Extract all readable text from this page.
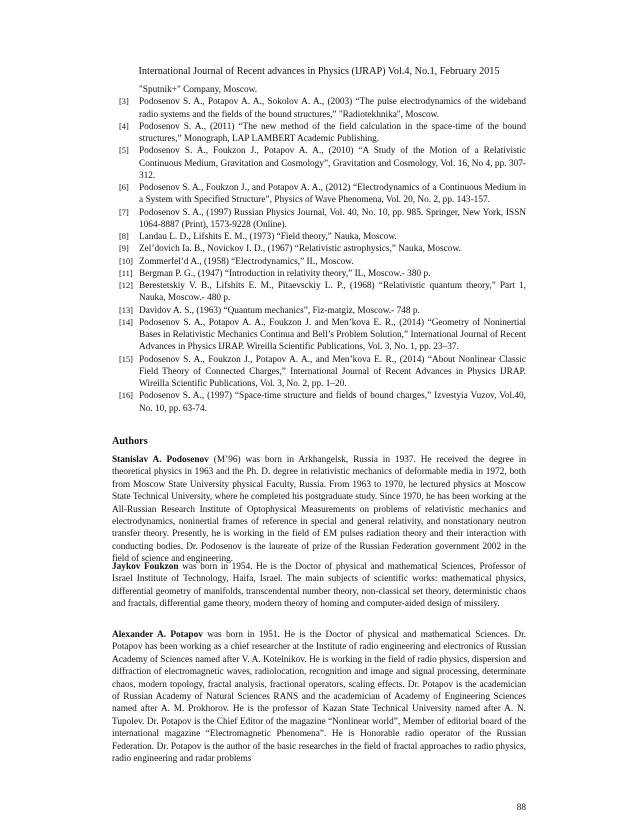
International Journal of Recent advances in Physics (IJRAP) Vol.4, No.1, February 2015

"Sputnik+" Company, Moscow.

[3] Podosenov S. A., Potapov A. A., Sokolov A. A., (2003) “The pulse electrodynamics of the wideband radio systems and the fields of the bound structures,” "Radiotekhnika", Moscow.

[4] Podosenov S. A., (2011) “The new method of the field calculation in the space-time of the bound structures,” Monograph, LAP LAMBERT Academic Publishing.

[5] Podosenov S. A., Foukzon J., Potapov A. A., (2010) “A Study of the Motion of a Relativistic Continuous Medium, Gravitation and Cosmology”, Gravitation and Cosmology, Vol. 16, No 4, pp. 307-312.

[6] Podosenov S. A., Foukzon J., and Potapov A. A., (2012) “Electrodynamics of a Continuous Medium in a System with Specified Structure”, Physics of Wave Phenomena, Vol. 20, No. 2, pp. 143-157.

[7] Podosenov S. A., (1997) Russian Physics Journal, Vol. 40, No. 10, pp. 985. Springer, New York, ISSN 1064-8887 (Print), 1573-9228 (Online).

[8] Landau L. D., Lifshits E. M., (1973) “Field theory,” Nauka, Moscow.

[9] Zel’dovich Ia. B., Novickov I. D., (1967) “Relativistic astrophysics,” Nauka, Moscow.

[10] Zommerfel’d A., (1958) “Electrodynamics,” IL, Moscow.

[11] Bergman P. G., (1947) “Introduction in relativity theory,” IL, Moscow.- 380 p.

[12] Berestetskiy V. B., Lifshits E. M., Pitaevsckiy L. P., (1968) “Relativistic quantum theory,” Part 1, Nauka, Moscow.- 480 p.

[13] Davidov A. S., (1963) “Quantum mechanics”, Fiz-matgiz, Moscow.- 748 p.

[14] Podosenov S. A., Potapov A. A., Foukzon J. and Men’kova E. R., (2014) “Geometry of Noninertial Bases in Relativistic Mechanics Continua and Bell’s Problem Solution,” International Journal of Recent Advances in Physics IJRAP. Wireilla Scientific Publications, Vol. 3, No. 1, pp. 23–37.

[15] Podosenov S. A., Foukzon J., Potapov A. A., and Men’kova E. R., (2014) “About Nonlinear Classic Field Theory of Connected Charges,” International Journal of Recent Advances in Physics IJRAP. Wireilla Scientific Publications, Vol. 3, No. 2, pp. 1–20.

[16] Podosenov S. A., (1997) “Space-time structure and fields of bound charges,” Izvestyia Vuzov, Vol.40, No. 10, pp. 63-74.

Authors

Stanislav A. Podosenov (M’96) was born in Arkhangelsk, Russia in 1937. He received the degree in theoretical physics in 1963 and the Ph. D. degree in relativistic mechanics of deformable media in 1972, both from Moscow State University physical Faculty, Russia. From 1963 to 1970, he lectured physics at Moscow State Technical University, where he completed his postgraduate study. Since 1970, he has been working at the All-Russian Research Institute of Optophysical Measurements on problems of relativistic mechanics and electrodynamics, noninertial frames of reference in special and general relativity, and nonstationary neutron transfer theory. Presently, he is working in the field of EM pulses radiation theory and their interaction with conducting bodies. Dr. Podosenov is the laureate of prize of the Russian Federation government 2002 in the field of science and engineering.

Jaykov Foukzon was born in 1954. He is the Doctor of physical and mathematical Sciences, Professor of Israel Institute of Technology, Haifa, Israel. The main subjects of scientific works: mathematical physics, differential geometry of manifolds, transcendental number theory, non-classical set theory, deterministic chaos and fractals, differential game theory, modern theory of homing and computer-aided design of missilery.

Alexander A. Potapov was born in 1951. He is the Doctor of physical and mathematical Sciences. Dr. Potapov has been working as a chief researcher at the Institute of radio engineering and electronics of Russian Academy of Sciences named after V. A. Kotelnikov. He is working in the field of radio physics, dispersion and diffraction of electromagnetic waves, radiolocation, recognition and image and signal processing, determinate chaos, modern topology, fractal analysis, fractional operators, scaling effects. Dr. Potapov is the academician of Russian Academy of Natural Sciences RANS and the academician of Academy of Engineering Sciences named after A. M. Prokhorov. He is the professor of Kazan State Technical University named after A. N. Tupolev. Dr. Potapov is the Chief Editor of the magazine “Nonlinear world”, Member of editorial board of the international magazine “Electromagnetic Phenomena”. He is Honorable radio operator of the Russian Federation. Dr. Potapov is the author of the basic researches in the field of fractal approaches to radio physics, radio engineering and radar problems

88
